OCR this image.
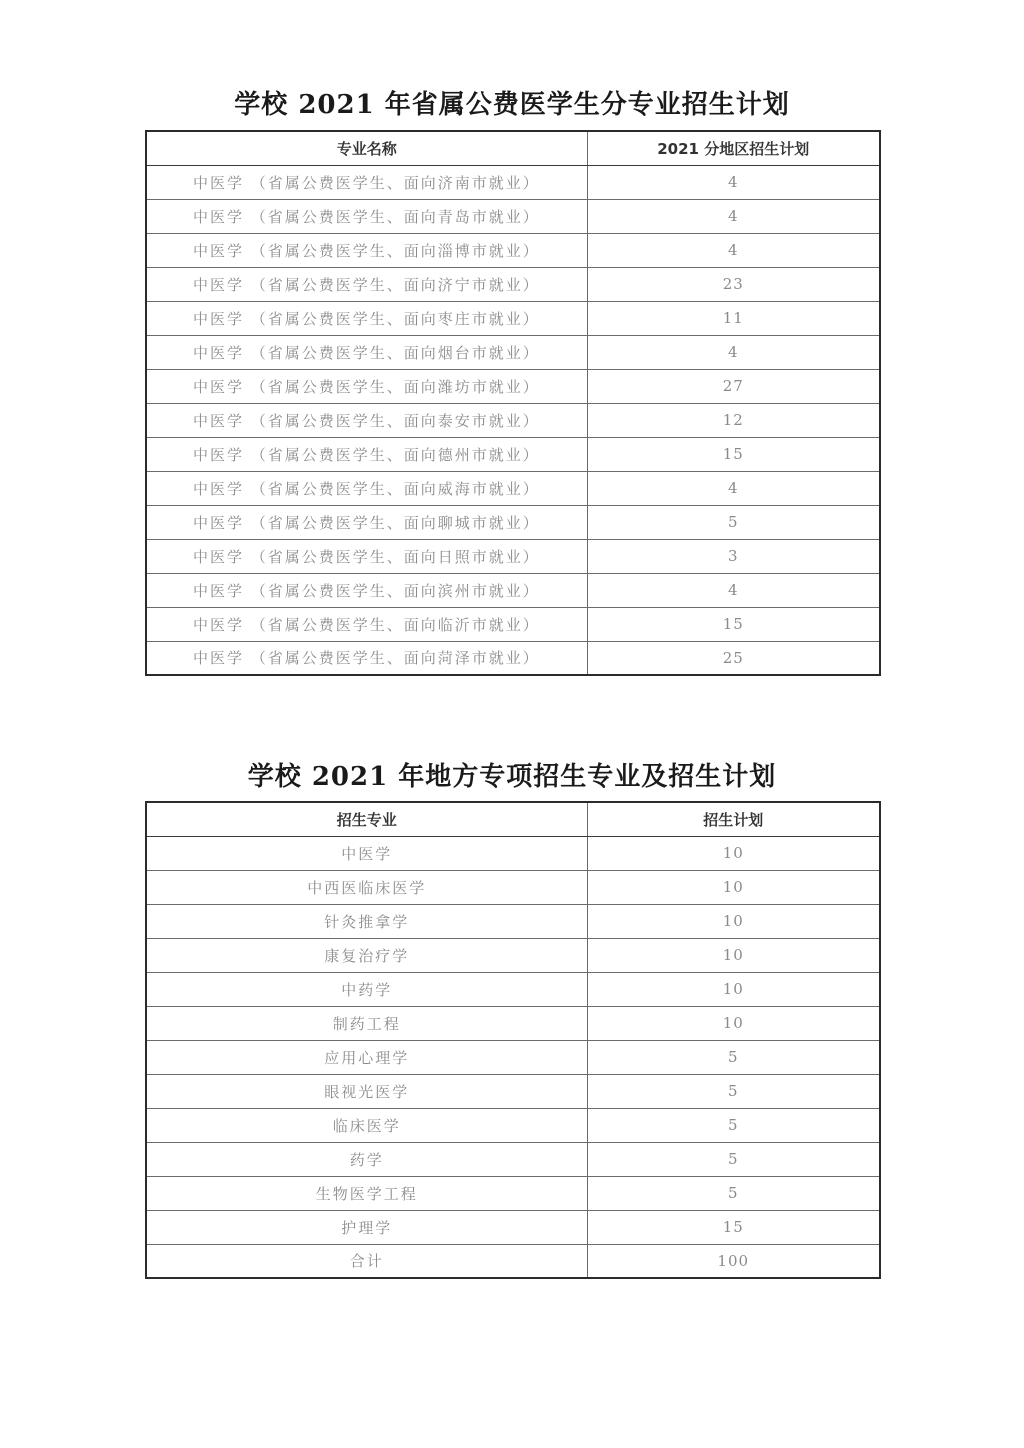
学校 2021 年省属公费医学生分专业招生计划
专业名称	2021 分地区招生计划
中医学 （省属公费医学生、面向济南市就业）	4
中医学 （省属公费医学生、面向青岛市就业）	4
中医学 （省属公费医学生、面向淄博市就业）	4
中医学 （省属公费医学生、面向济宁市就业）	23
中医学 （省属公费医学生、面向枣庄市就业）	11
中医学 （省属公费医学生、面向烟台市就业）	4
中医学 （省属公费医学生、面向潍坊市就业）	27
中医学 （省属公费医学生、面向泰安市就业）	12
中医学 （省属公费医学生、面向德州市就业）	15
中医学 （省属公费医学生、面向威海市就业）	4
中医学 （省属公费医学生、面向聊城市就业）	5
中医学 （省属公费医学生、面向日照市就业）	3
中医学 （省属公费医学生、面向滨州市就业）	4
中医学 （省属公费医学生、面向临沂市就业）	15
中医学 （省属公费医学生、面向菏泽市就业）	25
学校 2021 年地方专项招生专业及招生计划
招生专业	招生计划
中医学	10
中西医临床医学	10
针灸推拿学	10
康复治疗学	10
中药学	10
制药工程	10
应用心理学	5
眼视光医学	5
临床医学	5
药学	5
生物医学工程	5
护理学	15
合计	100
